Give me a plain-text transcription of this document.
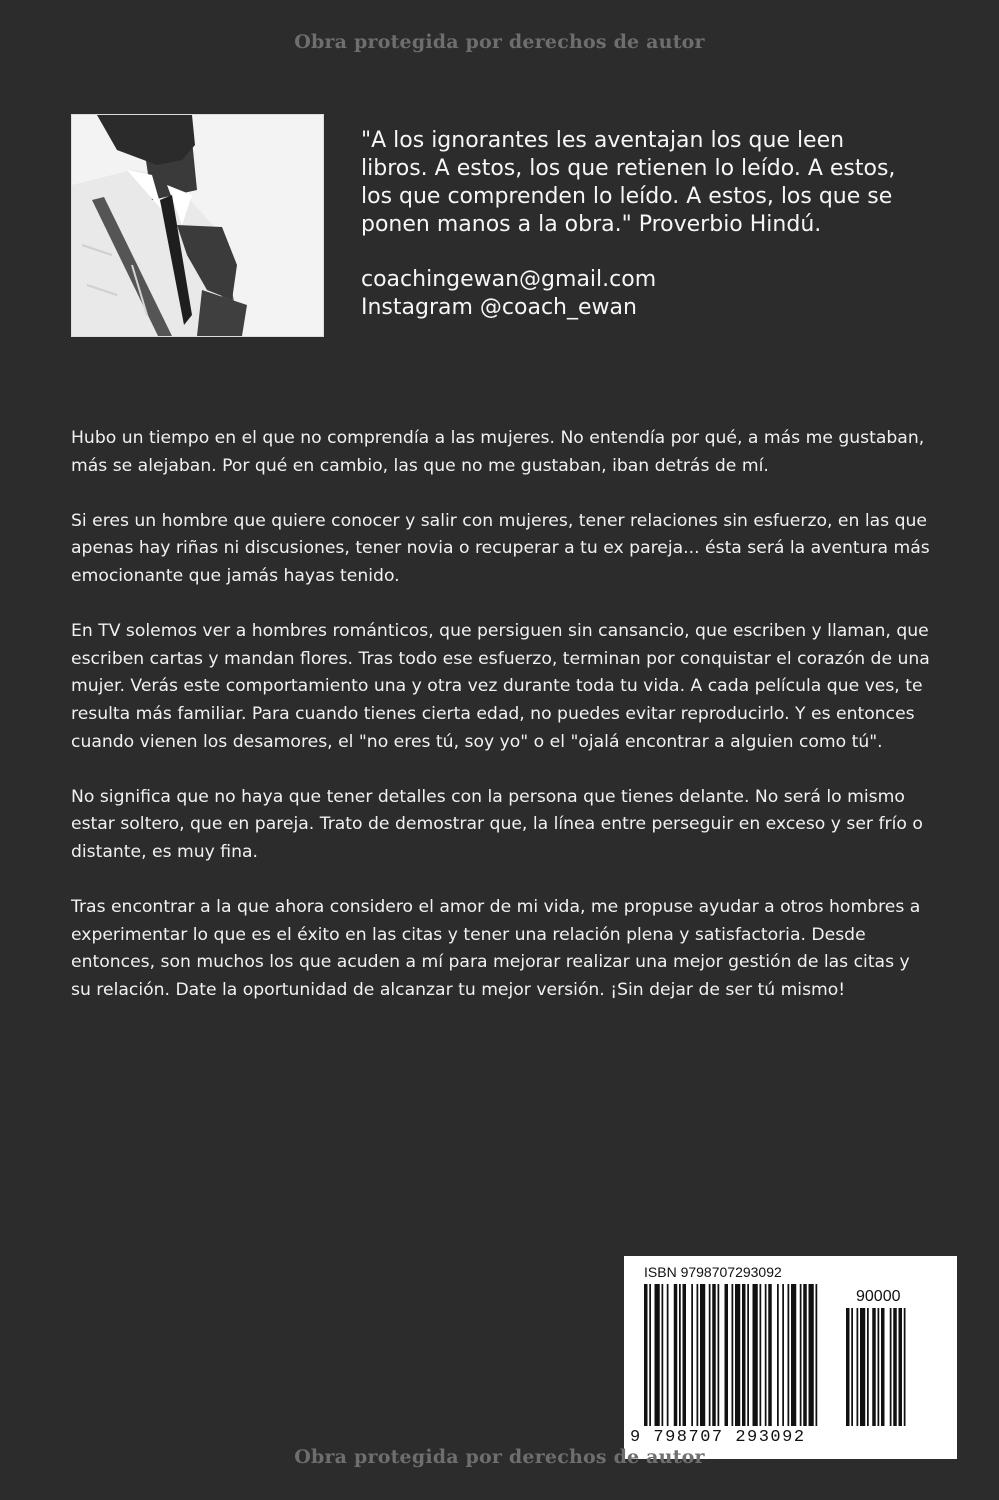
Obra protegida por derechos de autor

"A los ignorantes les aventajan los que leen
libros. A estos, los que retienen lo leído. A estos,
los que comprenden lo leído. A estos, los que se
ponen manos a la obra." Proverbio Hindú.

coachingewan@gmail.com
Instagram @coach_ewan

Hubo un tiempo en el que no comprendía a las mujeres. No entendía por qué, a más me gustaban, más se alejaban. Por qué en cambio, las que no me gustaban, iban detrás de mí.

Si eres un hombre que quiere conocer y salir con mujeres, tener relaciones sin esfuerzo, en las que apenas hay riñas ni discusiones, tener novia o recuperar a tu ex pareja... ésta será la aventura más emocionante que jamás hayas tenido.

En TV solemos ver a hombres románticos, que persiguen sin cansancio, que escriben y llaman, que escriben cartas y mandan flores. Tras todo ese esfuerzo, terminan por conquistar el corazón de una mujer. Verás este comportamiento una y otra vez durante toda tu vida. A cada película que ves, te resulta más familiar. Para cuando tienes cierta edad, no puedes evitar reproducirlo. Y es entonces cuando vienen los desamores, el "no eres tú, soy yo" o el "ojalá encontrar a alguien como tú".

No significa que no haya que tener detalles con la persona que tienes delante. No será lo mismo estar soltero, que en pareja. Trato de demostrar que, la línea entre perseguir en exceso y ser frío o distante, es muy fina.

Tras encontrar a la que ahora considero el amor de mi vida, me propuse ayudar a otros hombres a experimentar lo que es el éxito en las citas y tener una relación plena y satisfactoria. Desde entonces, son muchos los que acuden a mí para mejorar realizar una mejor gestión de las citas y su relación. Date la oportunidad de alcanzar tu mejor versión. ¡Sin dejar de ser tú mismo!

ISBN 9798707293092
90000
9 798707 293092
Obra protegida por derechos de autor
